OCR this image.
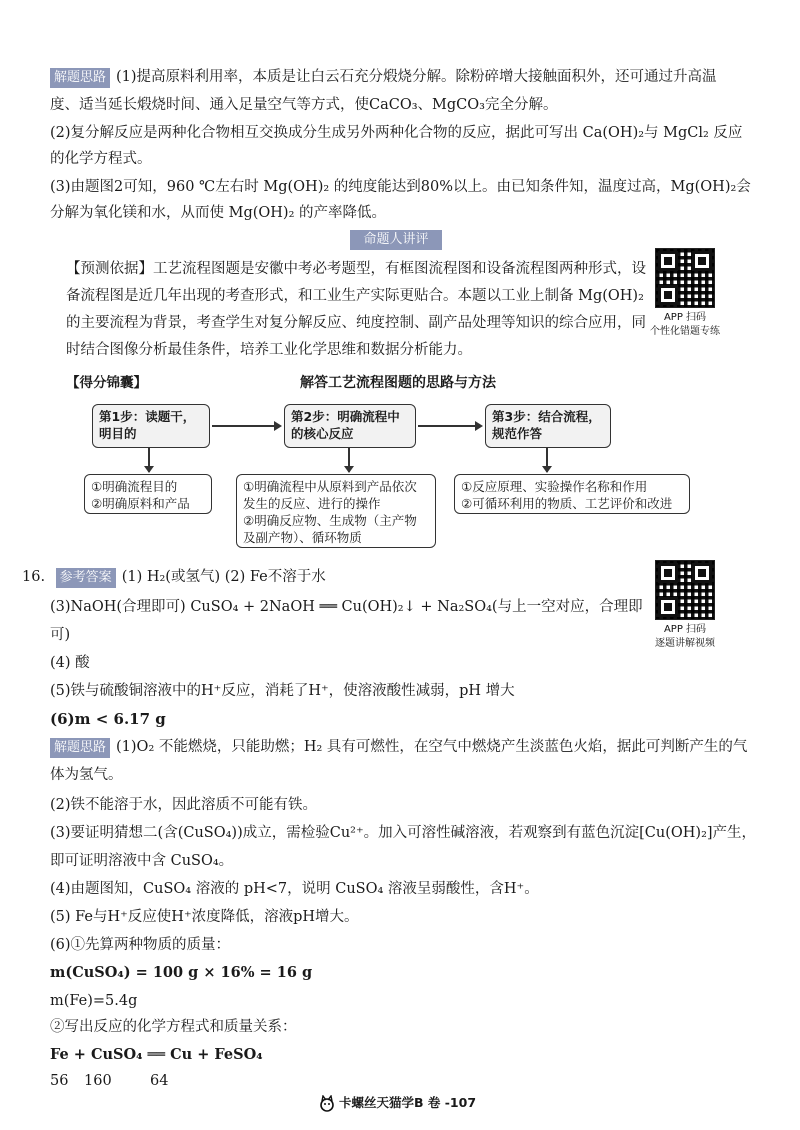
解题思路 (1)提高原料利用率，本质是让白云石充分煅烧分解。除粉碎增大接触面积外，还可通过升高温
度、适当延长煅烧时间、通入足量空气等方式，使CaCO₃、MgCO₃完全分解。
(2)复分解反应是两种化合物相互交换成分生成另外两种化合物的反应，据此可写出 Ca(OH)₂与 MgCl₂ 反应
的化学方程式。
(3)由题图2可知，960 ℃左右时 Mg(OH)₂ 的纯度能达到80%以上。由已知条件知，温度过高，Mg(OH)₂会
分解为氧化镁和水，从而使 Mg(OH)₂ 的产率降低。
命题人讲评
【预测依据】工艺流程图题是安徽中考必考题型，有框图流程图和设备流程图两种形式，设
备流程图是近几年出现的考查形式，和工业生产实际更贴合。本题以工业上制备 Mg(OH)₂
的主要流程为背景，考查学生对复分解反应、纯度控制、副产品处理等知识的综合应用，同
时结合图像分析最佳条件，培养工业化学思维和数据分析能力。
APP 扫码
个性化错题专练
【得分锦囊】	解答工艺流程图题的思路与方法
第1步：读题干，
明目的
第2步：明确流程中
的核心反应
第3步：结合流程，
规范作答
①明确流程目的
②明确原料和产品
①明确流程中从原料到产品依次
发生的反应、进行的操作
②明确反应物、生成物（主产物
及副产物）、循环物质
①反应原理、实验操作名称和作用
②可循环利用的物质、工艺评价和改进
16. 参考答案 (1) H₂(或氢气) (2) Fe不溶于水
(3)NaOH(合理即可) CuSO₄ + 2NaOH ══ Cu(OH)₂↓ + Na₂SO₄(与上一空对应，合理即
可)
(4) 酸
(5)铁与硫酸铜溶液中的H⁺反应，消耗了H⁺，使溶液酸性减弱，pH 增大
(6)m < 6.17 g
APP 扫码
逐题讲解视频
解题思路 (1)O₂ 不能燃烧，只能助燃；H₂ 具有可燃性，在空气中燃烧产生淡蓝色火焰，据此可判断产生的气
体为氢气。
(2)铁不能溶于水，因此溶质不可能有铁。
(3)要证明猜想二(含(CuSO₄))成立，需检验Cu²⁺。加入可溶性碱溶液，若观察到有蓝色沉淀[Cu(OH)₂]产生，
即可证明溶液中含 CuSO₄。
(4)由题图知，CuSO₄ 溶液的 pH<7，说明 CuSO₄ 溶液呈弱酸性，含H⁺。
(5) Fe与H⁺反应使H⁺浓度降低，溶液pH增大。
(6)①先算两种物质的质量：
m(CuSO₄) = 100 g × 16% = 16 g
m(Fe)=5.4g
②写出反应的化学方程式和质量关系：
Fe + CuSO₄ ══ Cu + FeSO₄
56 160	64
卡螺丝天猫学B 卷 -107
